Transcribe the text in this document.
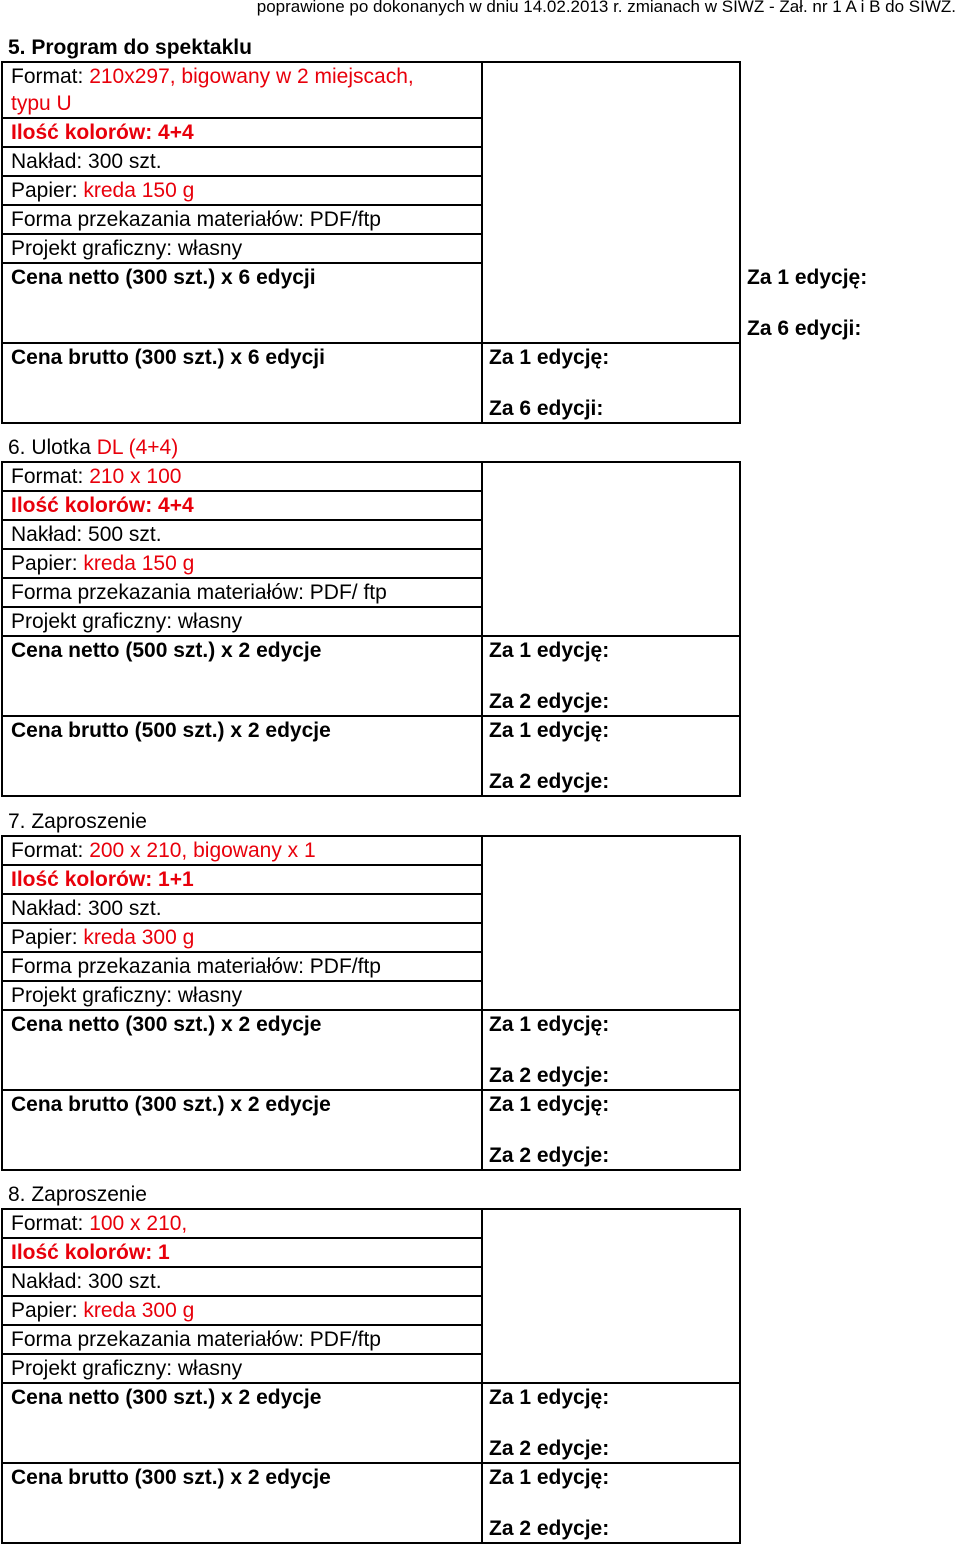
poprawione po dokonanych w dniu 14.02.2013 r. zmianach w SIWZ - Zał. nr 1 A i B do SIWZ.
5. Program do spektaklu
Format: 210x297, bigowany w 2 miejscach,
typu U		
Ilość kolorów: 4+4		
Nakład: 300 szt.		
Papier: kreda 150 g		
Forma przekazania materiałów: PDF/ftp		
Projekt graficzny: własny		
Cena netto (300 szt.) x 6 edycji		Za 1 edycję:
Za 6 edycji:

Cena brutto (300 szt.) x 6 edycji	Za 1 edycję:
Za 6 edycji:	
6. Ulotka DL (4+4)
Format: 210 x 100	
Ilość kolorów: 4+4	
Nakład: 500 szt.	
Papier: kreda 150 g	
Forma przekazania materiałów: PDF/ ftp	
Projekt graficzny: własny	
Cena netto (500 szt.) x 2 edycje	Za 1 edycję:
Za 2 edycje:

Cena brutto (500 szt.) x 2 edycje	Za 1 edycję:
Za 2 edycje:
7. Zaproszenie
Format: 200 x 210, bigowany x 1	
Ilość kolorów: 1+1	
Nakład: 300 szt.	
Papier: kreda 300 g	
Forma przekazania materiałów: PDF/ftp	
Projekt graficzny: własny	
Cena netto (300 szt.) x 2 edycje	Za 1 edycję:
Za 2 edycje:

Cena brutto (300 szt.) x 2 edycje	Za 1 edycję:
Za 2 edycje:
8. Zaproszenie
Format: 100 x 210,	
Ilość kolorów: 1	
Nakład: 300 szt.	
Papier: kreda 300 g	
Forma przekazania materiałów: PDF/ftp	
Projekt graficzny: własny	
Cena netto (300 szt.) x 2 edycje	Za 1 edycję:
Za 2 edycje:

Cena brutto (300 szt.) x 2 edycje	Za 1 edycję:
Za 2 edycje:
